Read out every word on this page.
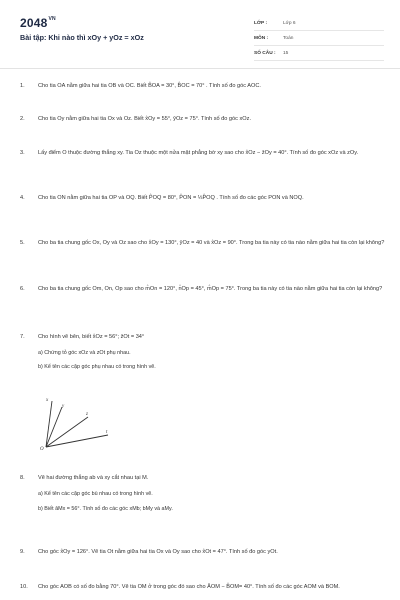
$2048^{VN}$
Bài tập: Khi nào thì xOy + yOz = xOz
LỚP :	Lớp 6
MÔN :	Toán
SỐ CÂU :	15
1.	Cho tia OA nằm giữa hai tia OB và OC. Biết B̂OA = 30°, B̂OC = 70° . Tính số đo góc AOC.
2.	Cho tia Oy nằm giữa hai tia Ox và Oz. Biết x̂Oy = 55°, ŷOz = 75°. Tính số đo góc xOz.
3.	Lấy điểm O thuộc đường thẳng xy. Tia Oz thuộc một nửa mặt phẳng bờ xy sao cho x̂Oz − ẑOy = 40°. Tính số đo góc xOz và zOy.
4.	Cho tia ON nằm giữa hai tia OP và OQ. Biết P̂OQ = 80°, P̂ON = ⅓P̂OQ . Tính số đo các góc PON và NOQ.
5.	Cho ba tia chung gốc Ox, Oy và Oz sao cho x̂Oy = 130°, ŷOz = 40 và x̂Oz = 90°. Trong ba tia này có tia nào nằm giữa hai tia còn lại không?
6.	Cho ba tia chung gốc Om, On, Op sao cho m̂On = 120°, n̂Op = 45°, m̂Op = 75°. Trong ba tia này có tia nào nằm giữa hai tia còn lại không?
7.	Cho hình vẽ bên, biết x̂Oz = 56°; ẑOt = 34°
a) Chứng tỏ góc xOz và zOt phụ nhau.
b) Kể tên các cặp góc phụ nhau có trong hình vẽ.
x
y
z
t
O
8.	Vẽ hai đường thẳng ab và xy cắt nhau tại M.
a) Kể tên các cặp góc bù nhau có trong hình vẽ.
b) Biết âMx = 56°. Tính số đo các góc xMb; bMy và aMy.
9.	Cho góc x̂Oy = 126°. Vẽ tia Ot nằm giữa hai tia Ox và Oy sao cho x̂Ot = 47°. Tính số đo góc yOt.
10.	Cho góc AOB có số đo bằng 70°. Vẽ tia OM ở trong góc đó sao cho ÂOM − B̂OM= 40°. Tính số đo các góc AOM và BOM.
